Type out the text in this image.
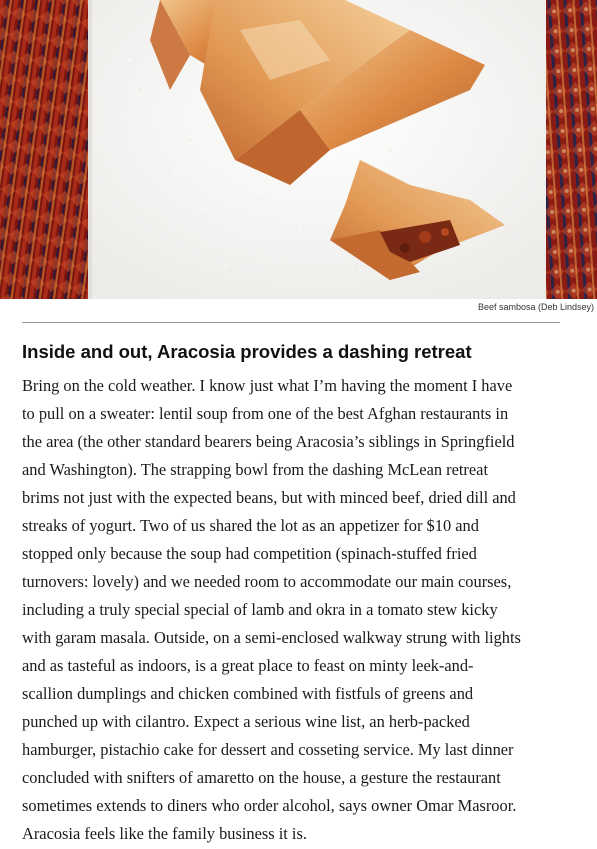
Beef sambosa (Deb Lindsey)
Inside and out, Aracosia provides a dashing retreat

Bring on the cold weather. I know just what I’m having the moment I have
to pull on a sweater: lentil soup from one of the best Afghan restaurants in
the area (the other standard bearers being Aracosia’s siblings in Springfield
and Washington). The strapping bowl from the dashing McLean retreat
brims not just with the expected beans, but with minced beef, dried dill and
streaks of yogurt. Two of us shared the lot as an appetizer for $10 and
stopped only because the soup had competition (spinach-stuffed fried
turnovers: lovely) and we needed room to accommodate our main courses,
including a truly special special of lamb and okra in a tomato stew kicky
with garam masala. Outside, on a semi-enclosed walkway strung with lights
and as tasteful as indoors, is a great place to feast on minty leek-and-
scallion dumplings and chicken combined with fistfuls of greens and
punched up with cilantro. Expect a serious wine list, an herb-packed
hamburger, pistachio cake for dessert and cosseting service. My last dinner
concluded with snifters of amaretto on the house, a gesture the restaurant
sometimes extends to diners who order alcohol, says owner Omar Masroor.
Aracosia feels like the family business it is.
